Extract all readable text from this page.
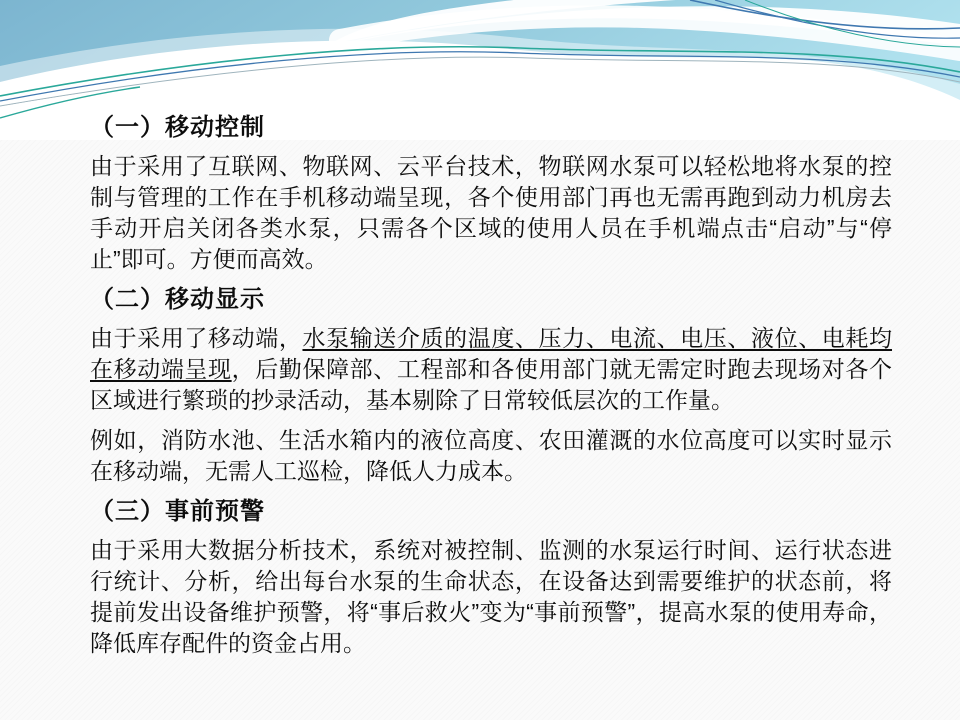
（一）移动控制

由于采用了互联网、物联网、云平台技术，物联网水泵可以轻松地将水泵的控制与管理的工作在手机移动端呈现，各个使用部门再也无需再跑到动力机房去手动开启关闭各类水泵，只需各个区域的使用人员在手机端点击“启动”与“停止”即可。方便而高效。

（二）移动显示

由于采用了移动端，水泵输送介质的温度、压力、电流、电压、液位、电耗均在移动端呈现，后勤保障部、工程部和各使用部门就无需定时跑去现场对各个区域进行繁琐的抄录活动，基本剔除了日常较低层次的工作量。

例如，消防水池、生活水箱内的液位高度、农田灌溉的水位高度可以实时显示在移动端，无需人工巡检，降低人力成本。

（三）事前预警

由于采用大数据分析技术，系统对被控制、监测的水泵运行时间、运行状态进行统计、分析，给出每台水泵的生命状态，在设备达到需要维护的状态前，将提前发出设备维护预警，将“事后救火”变为“事前预警”，提高水泵的使用寿命，降低库存配件的资金占用。
